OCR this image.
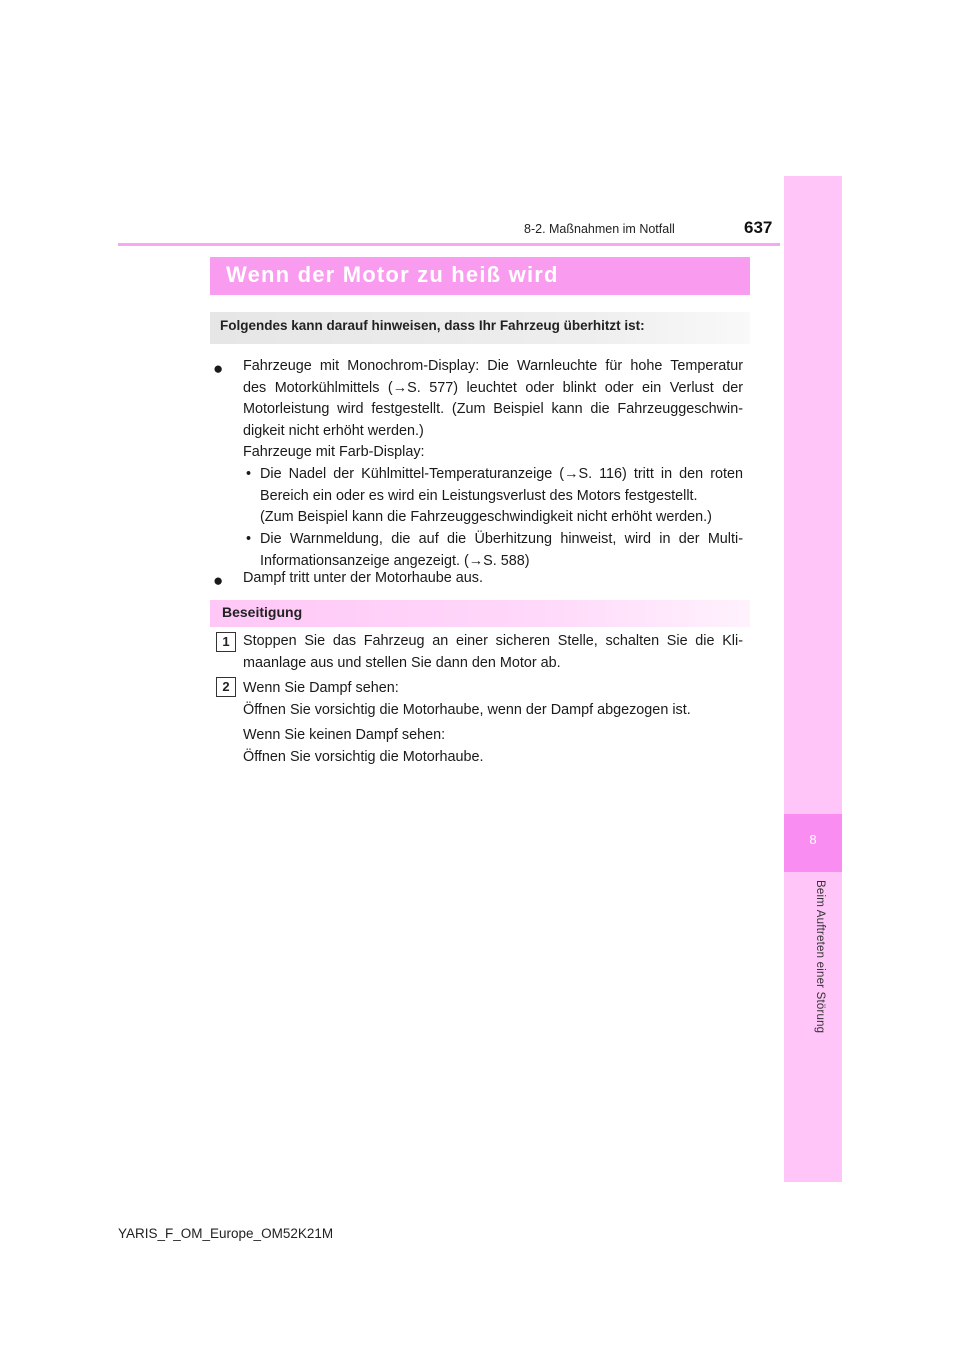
8-2. Maßnahmen im Notfall	637
8
Beim Auftreten einer Störung
Wenn der Motor zu heiß wird
Folgendes kann darauf hinweisen, dass Ihr Fahrzeug überhitzt ist:
● Fahrzeuge mit Monochrom-Display: Die Warnleuchte für hohe Temperatur
des Motorkühlmittels (→S. 577) leuchtet oder blinkt oder ein Verlust der
Motorleistung wird festgestellt. (Zum Beispiel kann die Fahrzeuggeschwin-
digkeit nicht erhöht werden.)
Fahrzeuge mit Farb-Display:
• Die Nadel der Kühlmittel-Temperaturanzeige (→S. 116) tritt in den roten
Bereich ein oder es wird ein Leistungsverlust des Motors festgestellt.
(Zum Beispiel kann die Fahrzeuggeschwindigkeit nicht erhöht werden.)
• Die Warnmeldung, die auf die Überhitzung hinweist, wird in der Multi-
Informationsanzeige angezeigt. (→S. 588)
● Dampf tritt unter der Motorhaube aus.
Beseitigung
1 Stoppen Sie das Fahrzeug an einer sicheren Stelle, schalten Sie die Kli-
maanlage aus und stellen Sie dann den Motor ab.
2 Wenn Sie Dampf sehen:
Öffnen Sie vorsichtig die Motorhaube, wenn der Dampf abgezogen ist.
Wenn Sie keinen Dampf sehen:
Öffnen Sie vorsichtig die Motorhaube.
YARIS_F_OM_Europe_OM52K21M
